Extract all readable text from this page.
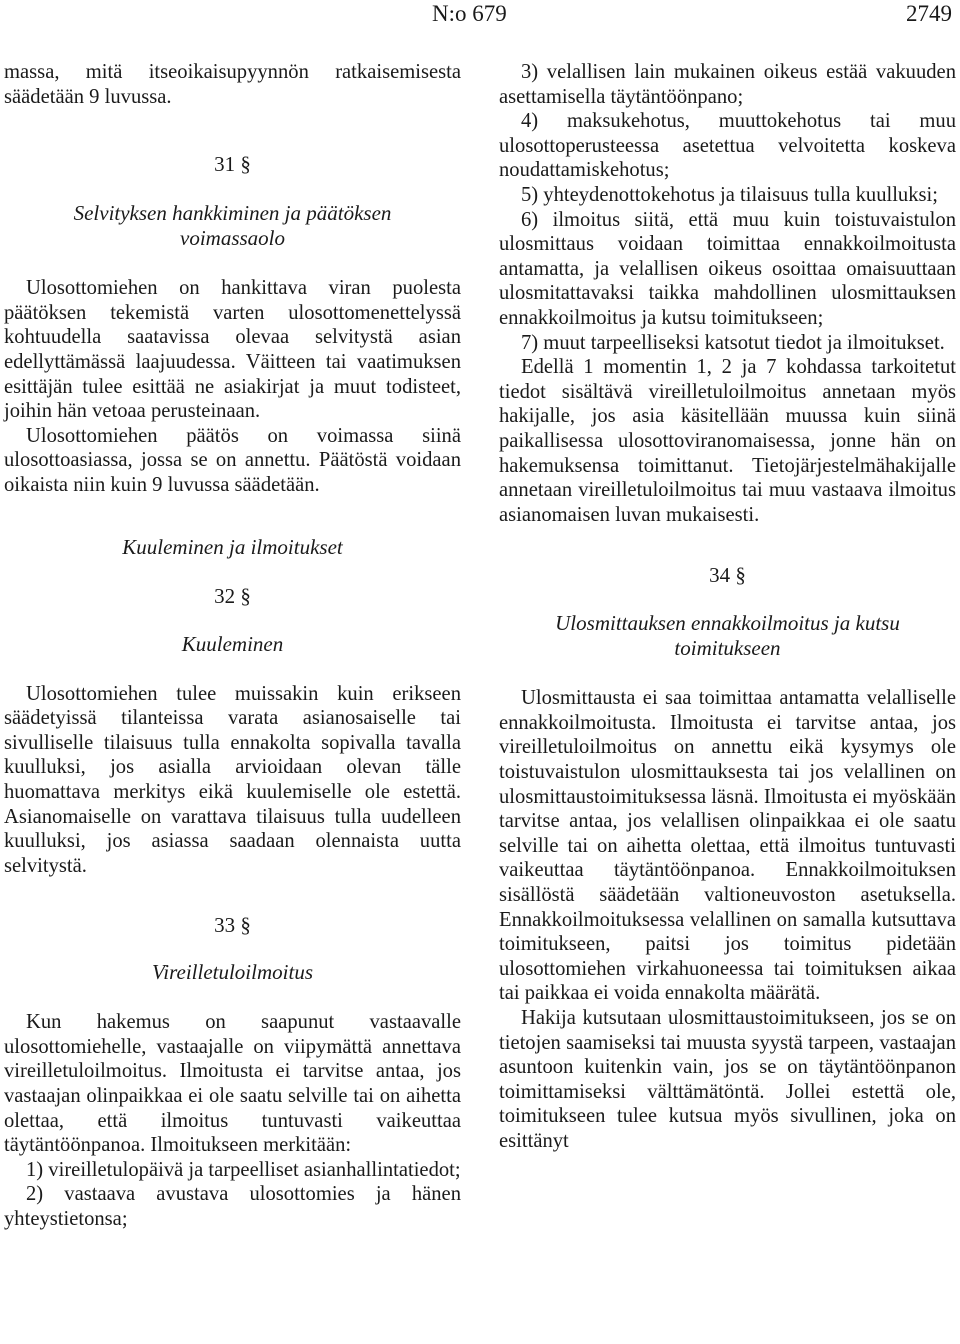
N:o 679	2749

massa, mitä itseoikaisupyynnön ratkaisemisesta säädetään 9 luvussa.

31 §
Selvityksen hankkiminen ja päätöksen voimassaolo

Ulosottomiehen on hankittava viran puolesta päätöksen tekemistä varten ulosottomenettelyssä kohtuudella saatavissa olevaa selvitystä asian edellyttämässä laajuudessa. Väitteen tai vaatimuksen esittäjän tulee esittää ne asiakirjat ja muut todisteet, joihin hän vetoaa perusteinaan.

Ulosottomiehen päätös on voimassa siinä ulosottoasiassa, jossa se on annettu. Päätöstä voidaan oikaista niin kuin 9 luvussa säädetään.

Kuuleminen ja ilmoitukset
32 §
Kuuleminen

Ulosottomiehen tulee muissakin kuin erikseen säädetyissä tilanteissa varata asianosaiselle tai sivulliselle tilaisuus tulla ennakolta sopivalla tavalla kuulluksi, jos asialla arvioidaan olevan tälle huomattava merkitys eikä kuulemiselle ole estettä. Asianomaiselle on varattava tilaisuus tulla uudelleen kuulluksi, jos asiassa saadaan olennaista uutta selvitystä.

33 §
Vireilletuloilmoitus

Kun hakemus on saapunut vastaavalle ulosottomiehelle, vastaajalle on viipymättä annettava vireilletuloilmoitus. Ilmoitusta ei tarvitse antaa, jos vastaajan olinpaikkaa ei ole saatu selville tai on aihetta olettaa, että ilmoitus tuntuvasti vaikeuttaa täytäntöönpanoa. Ilmoitukseen merkitään:

1) vireilletulopäivä ja tarpeelliset asianhallintatiedot;

2) vastaava avustava ulosottomies ja hänen yhteystietonsa;

3) velallisen lain mukainen oikeus estää vakuuden asettamisella täytäntöönpano;

4) maksukehotus, muuttokehotus tai muu ulosottoperusteessa asetettua velvoitetta koskeva noudattamiskehotus;

5) yhteydenottokehotus ja tilaisuus tulla kuulluksi;

6) ilmoitus siitä, että muu kuin toistuvaistulon ulosmittaus voidaan toimittaa ennakkoilmoitusta antamatta, ja velallisen oikeus osoittaa omaisuuttaan ulosmitattavaksi taikka mahdollinen ulosmittauksen ennakkoilmoitus ja kutsu toimitukseen;

7) muut tarpeelliseksi katsotut tiedot ja ilmoitukset.

Edellä 1 momentin 1, 2 ja 7 kohdassa tarkoitetut tiedot sisältävä vireilletuloilmoitus annetaan myös hakijalle, jos asia käsitellään muussa kuin siinä paikallisessa ulosottoviranomaisessa, jonne hän on hakemuksensa toimittanut. Tietojärjestelmähakijalle annetaan vireilletuloilmoitus tai muu vastaava ilmoitus asianomaisen luvan mukaisesti.

34 §
Ulosmittauksen ennakkoilmoitus ja kutsu toimitukseen

Ulosmittausta ei saa toimittaa antamatta velalliselle ennakkoilmoitusta. Ilmoitusta ei tarvitse antaa, jos vireilletuloilmoitus on annettu eikä kysymys ole toistuvaistulon ulosmittauksesta tai jos velallinen on ulosmittaustoimituksessa läsnä. Ilmoitusta ei myöskään tarvitse antaa, jos velallisen olinpaikkaa ei ole saatu selville tai on aihetta olettaa, että ilmoitus tuntuvasti vaikeuttaa täytäntöönpanoa. Ennakkoilmoituksen sisällöstä säädetään valtioneuvoston asetuksella. Ennakkoilmoituksessa velallinen on samalla kutsuttava toimitukseen, paitsi jos toimitus pidetään ulosottomiehen virkahuoneessa tai toimituksen aikaa tai paikkaa ei voida ennakolta määrätä.

Hakija kutsutaan ulosmittaustoimitukseen, jos se on tietojen saamiseksi tai muusta syystä tarpeen, vastaajan asuntoon kuitenkin vain, jos se on täytäntöönpanon toimittamiseksi välttämätöntä. Jollei estettä ole, toimitukseen tulee kutsua myös sivullinen, joka on esittänyt
